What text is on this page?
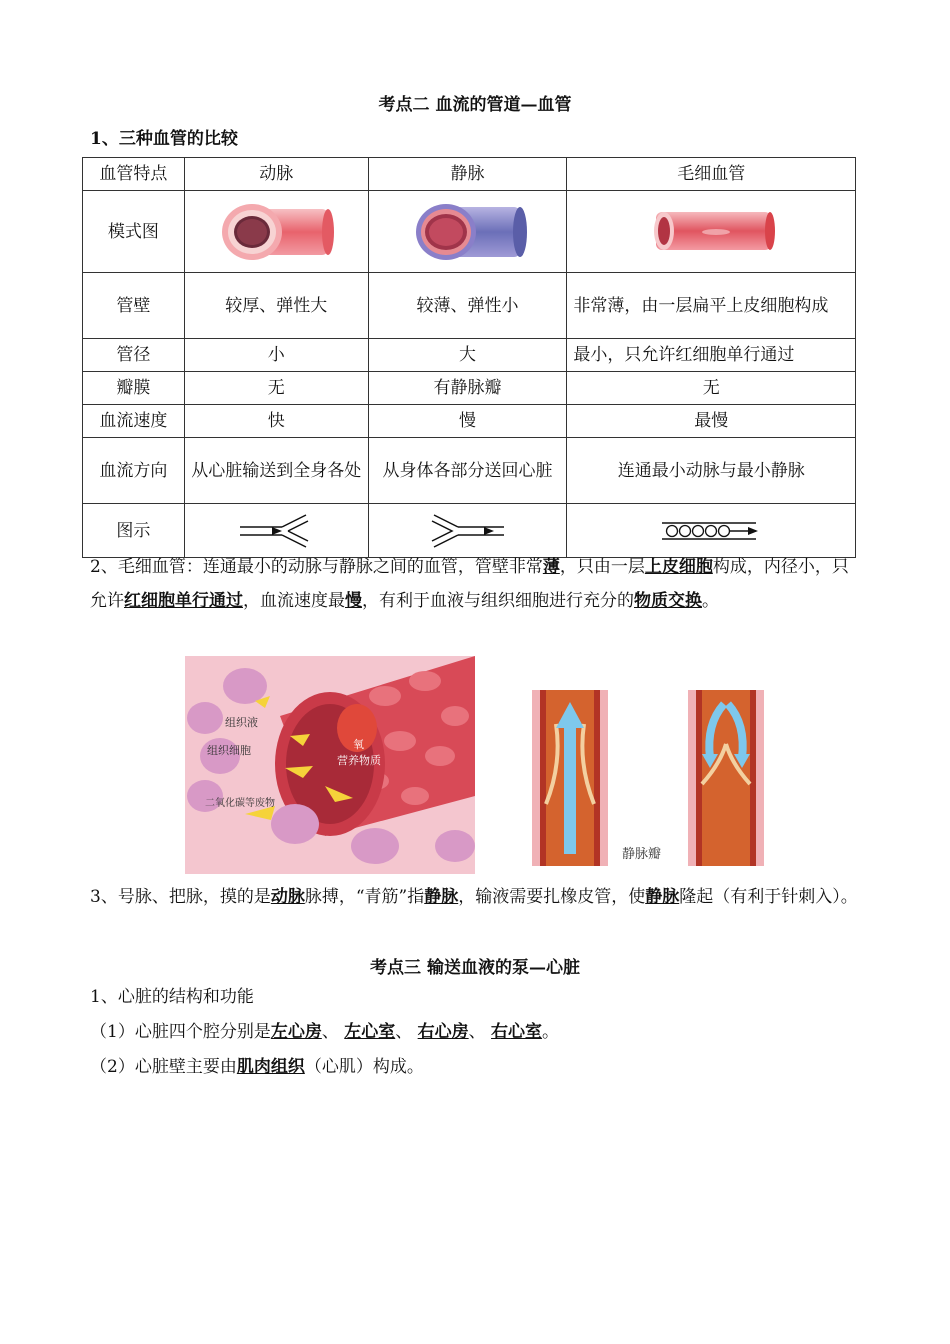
考点二 血流的管道—血管
1、三种血管的比较
血管特点	动脉	静脉	毛细血管
模式图	

管壁	较厚、弹性大	较薄、弹性小	非常薄，由一层扁平上皮细胞构成
管径	小	大	最小，只允许红细胞单行通过
瓣膜	无	有静脉瓣	无
血流速度	快	慢	最慢
血流方向	从心脏输送到全身各处	从身体各部分送回心脏	连通最小动脉与最小静脉
图示	

2、毛细血管：连通最小的动脉与静脉之间的血管，管壁非常薄，只由一层上皮细胞构成，内径小，只允许红细胞单行通过，血流速度最慢，有利于血液与组织细胞进行充分的物质交换。
组织液
组织细胞
二氧化碳等废物
氧
营养物质
静脉瓣
3、号脉、把脉，摸的是动脉脉搏，“青筋”指静脉，输液需要扎橡皮管，使静脉隆起（有利于针刺入）。
考点三 输送血液的泵—心脏
1、心脏的结构和功能
（1）心脏四个腔分别是左心房、 左心室、 右心房、 右心室。
（2）心脏壁主要由肌肉组织（心肌）构成。
